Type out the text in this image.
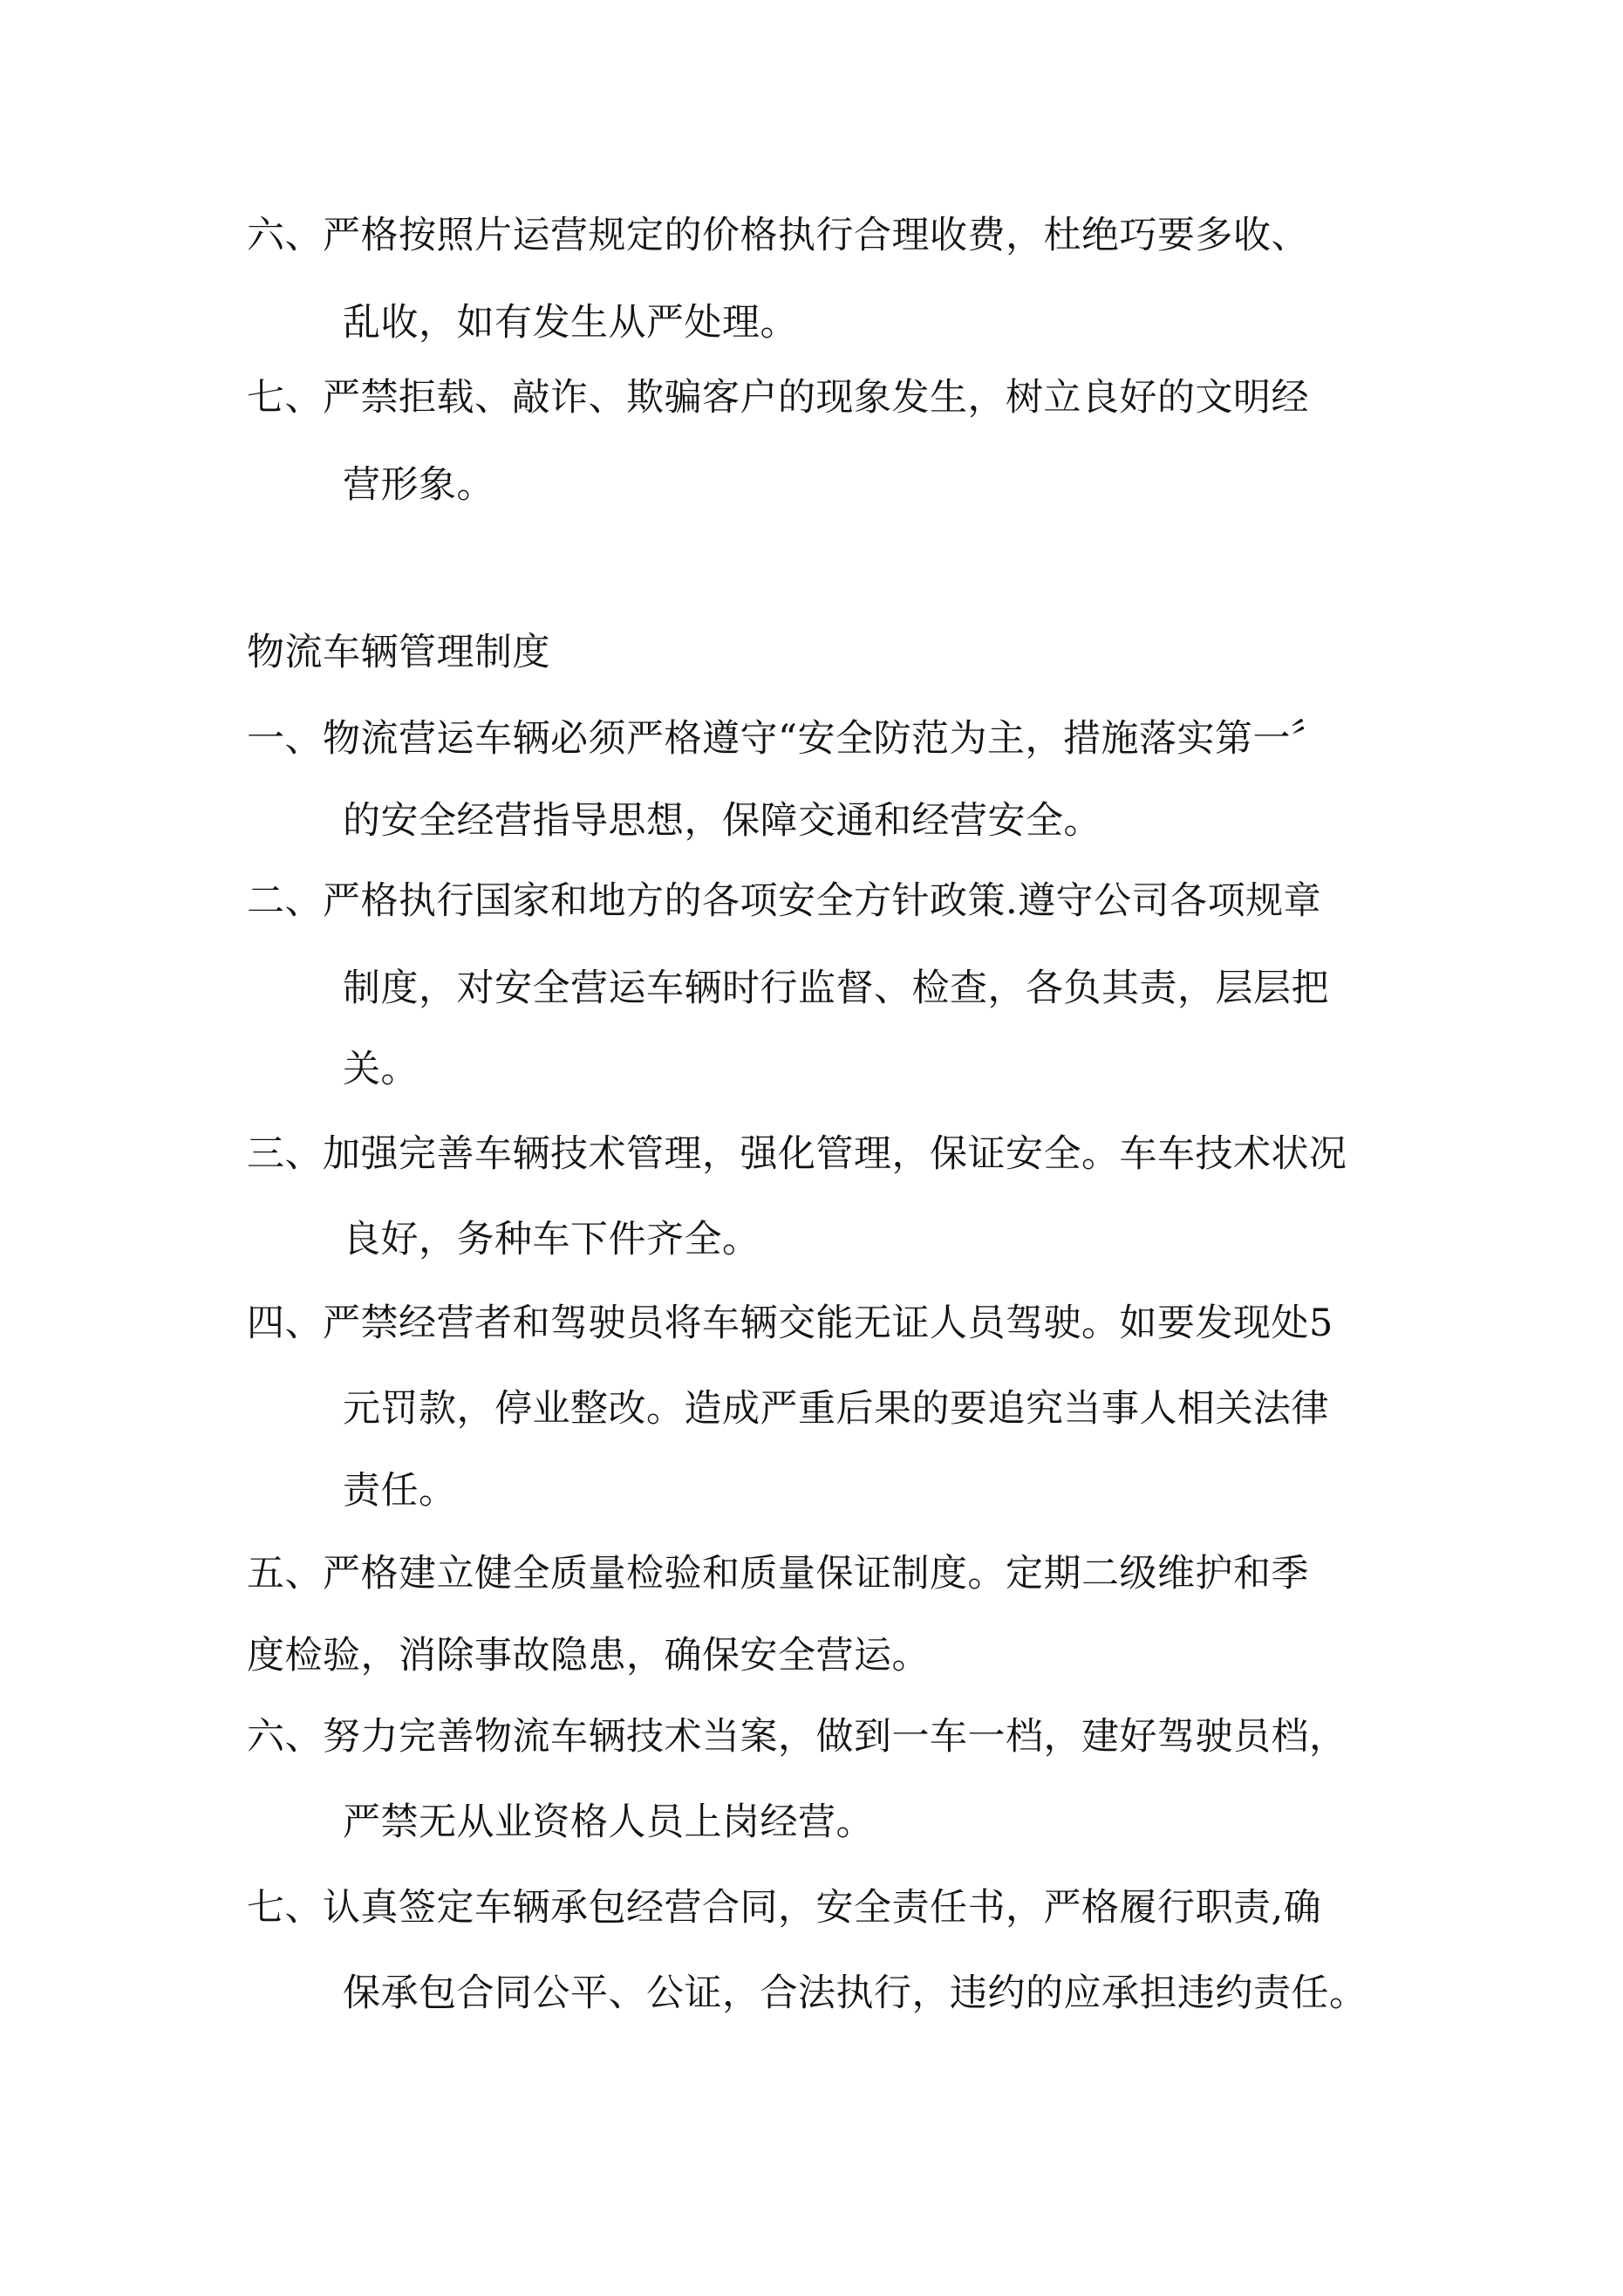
六、严格按照片运营规定的价格执行合理收费，杜绝巧要多收、
乱收，如有发生从严处理。
七、严禁拒载、敲诈、欺骗客户的现象发生，树立良好的文明经
营形象。
物流车辆管理制度
一、物流营运车辆必须严格遵守“安全防范为主，措施落实第一〞
的安全经营指导思想，保障交通和经营安全。
二、严格执行国家和地方的各项安全方针政策.遵守公司各项规章
制度，对安全营运车辆时行监督、检查，各负其责，层层把
关。
三、加强完善车辆技术管理，强化管理，保证安全。车车技术状况
良好，务种车下件齐全。
四、严禁经营者和驾驶员将车辆交能无证人员驾驶。如要发现处5
元罚款，停业整改。造成严重后果的要追究当事人相关法律
责任。
五、严格建立健全质量检验和质量保证制度。定期二级维护和季
度检验，消除事故隐患，确保安全营运。
六、努力完善物流车辆技术当案，做到一车一档，建好驾驶员档，
严禁无从业资格人员上岗经营。
七、认真签定车辆承包经营合同，安全责任书，严格履行职责,确
保承包合同公平、公证，合法执行，违约的应承担违约责任。
